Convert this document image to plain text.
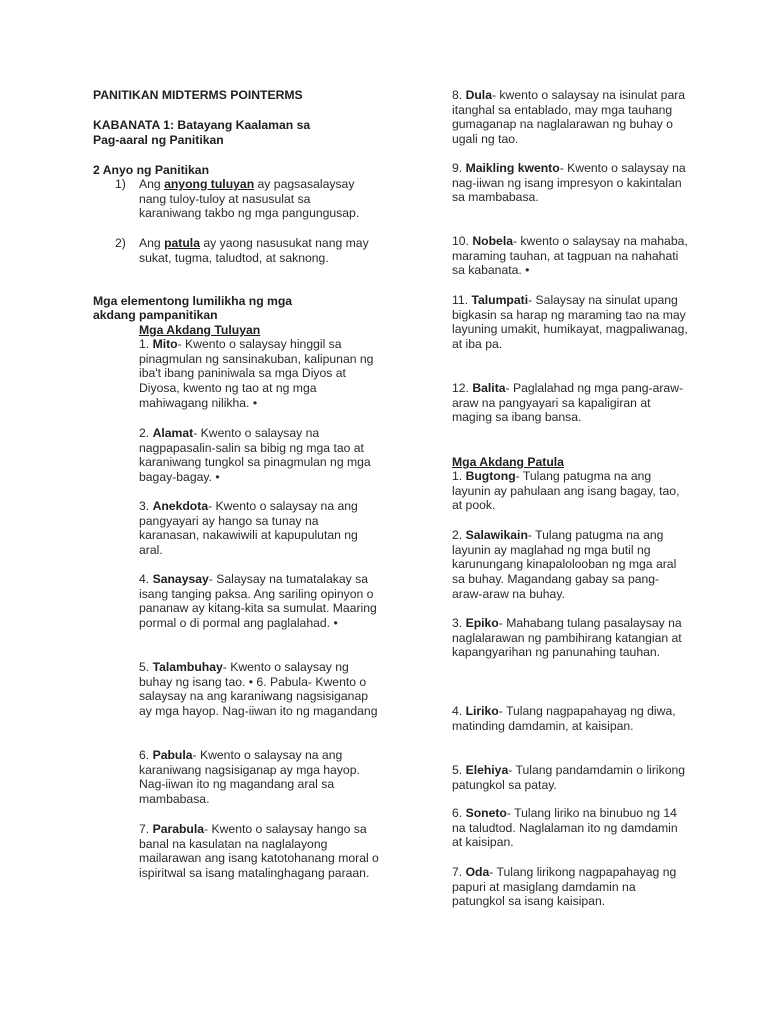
PANITIKAN MIDTERMS POINTERMS

KABANATA 1: Batayang Kaalaman sa

Pag-aaral ng Panitikan

2 Anyo ng Panitikan

1) Ang anyong tuluyan ay pagsasalaysay nang tuloy-tuloy at nasusulat sa karaniwang takbo ng mga pangungusap.

2) Ang patula ay yaong nasusukat nang may sukat, tugma, taludtod, at saknong.

Mga elementong lumilikha ng mga

akdang pampanitikan

Mga Akdang Tuluyan

1. Mito- Kwento o salaysay hinggil sa pinagmulan ng sansinakuban, kalipunan ng iba't ibang paniniwala sa mga Diyos at Diyosa, kwento ng tao at ng mga mahiwagang nilikha. •

2. Alamat- Kwento o salaysay na nagpapasalin-salin sa bibig ng mga tao at karaniwang tungkol sa pinagmulan ng mga bagay-bagay. •

3. Anekdota- Kwento o salaysay na ang pangyayari ay hango sa tunay na karanasan, nakawiwili at kapupulutan ng aral.

4. Sanaysay- Salaysay na tumatalakay sa isang tanging paksa. Ang sariling opinyon o pananaw ay kitang-kita sa sumulat. Maaring pormal o di pormal ang paglalahad. •

5. Talambuhay- Kwento o salaysay ng buhay ng isang tao. • 6. Pabula- Kwento o salaysay na ang karaniwang nagsisiganap ay mga hayop. Nag-iiwan ito ng magandang

6. Pabula- Kwento o salaysay na ang karaniwang nagsisiganap ay mga hayop. Nag-iiwan ito ng magandang aral sa mambabasa.

7. Parabula- Kwento o salaysay hango sa banal na kasulatan na naglalayong mailarawan ang isang katotohanang moral o ispiritwal sa isang matalinghagang paraan.

8. Dula- kwento o salaysay na isinulat para itanghal sa entablado, may mga tauhang gumaganap na naglalarawan ng buhay o ugali ng tao.

9. Maikling kwento- Kwento o salaysay na nag-iiwan ng isang impresyon o kakintalan sa mambabasa.

10. Nobela- kwento o salaysay na mahaba, maraming tauhan, at tagpuan na nahahati sa kabanata. •

11. Talumpati- Salaysay na sinulat upang bigkasin sa harap ng maraming tao na may layuning umakit, humikayat, magpaliwanag, at iba pa.

12. Balita- Paglalahad ng mga pang-araw-araw na pangyayari sa kapaligiran at maging sa ibang bansa.

Mga Akdang Patula

1. Bugtong- Tulang patugma na ang layunin ay pahulaan ang isang bagay, tao, at pook.

2. Salawikain- Tulang patugma na ang layunin ay maglahad ng mga butil ng karunungang kinapalolooban ng mga aral sa buhay. Magandang gabay sa pang-araw-araw na buhay.

3. Epiko- Mahabang tulang pasalaysay na naglalarawan ng pambihirang katangian at kapangyarihan ng panunahing tauhan.

4. Liriko- Tulang nagpapahayag ng diwa, matinding damdamin, at kaisipan.

5. Elehiya- Tulang pandamdamin o lirikong patungkol sa patay.

6. Soneto- Tulang liriko na binubuo ng 14 na taludtod. Naglalaman ito ng damdamin at kaisipan.

7. Oda- Tulang lirikong nagpapahayag ng papuri at masiglang damdamin na patungkol sa isang kaisipan.
